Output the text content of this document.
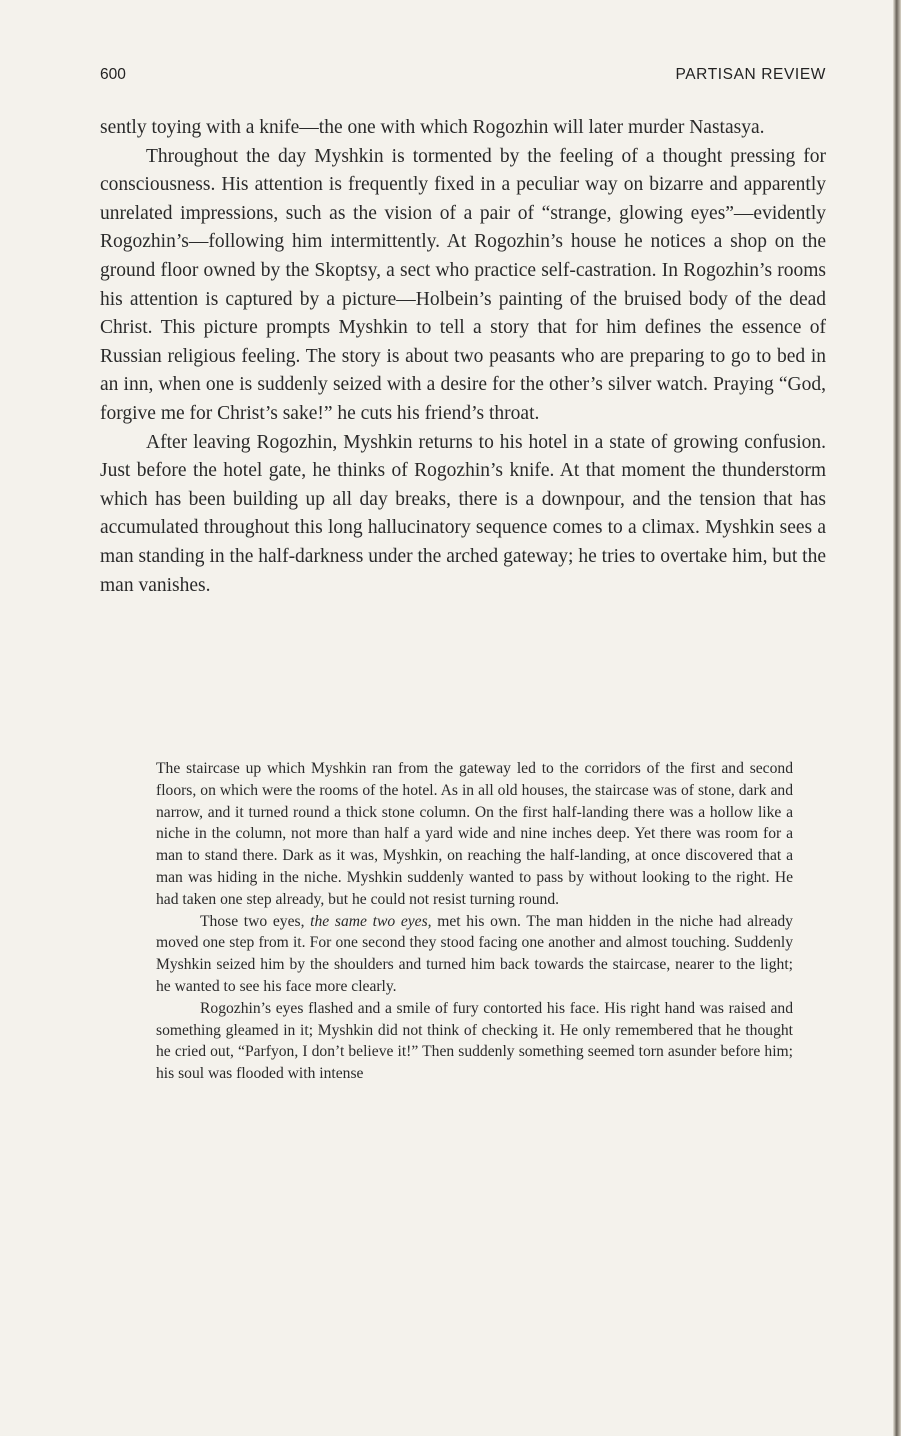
600	PARTISAN REVIEW

sently toying with a knife—the one with which Rogozhin will later murder Nastasya.

Throughout the day Myshkin is tormented by the feeling of a thought pressing for consciousness. His attention is frequently fixed in a peculiar way on bizarre and apparently unrelated impressions, such as the vision of a pair of “strange, glowing eyes”—evidently Rogozhin’s—following him intermittently. At Rogozhin’s house he notices a shop on the ground floor owned by the Skoptsy, a sect who practice self-castration. In Rogozhin’s rooms his attention is captured by a picture—Holbein’s painting of the bruised body of the dead Christ. This picture prompts Myshkin to tell a story that for him defines the essence of Russian religious feeling. The story is about two peasants who are preparing to go to bed in an inn, when one is suddenly seized with a desire for the other’s silver watch. Praying “God, forgive me for Christ’s sake!” he cuts his friend’s throat.

After leaving Rogozhin, Myshkin returns to his hotel in a state of growing confusion. Just before the hotel gate, he thinks of Rogozhin’s knife. At that moment the thunderstorm which has been building up all day breaks, there is a downpour, and the tension that has accumulated throughout this long hallucinatory sequence comes to a climax. Myshkin sees a man standing in the half-darkness under the arched gateway; he tries to overtake him, but the man vanishes.

The staircase up which Myshkin ran from the gateway led to the corridors of the first and second floors, on which were the rooms of the hotel. As in all old houses, the staircase was of stone, dark and narrow, and it turned round a thick stone column. On the first half-landing there was a hollow like a niche in the column, not more than half a yard wide and nine inches deep. Yet there was room for a man to stand there. Dark as it was, Myshkin, on reaching the half-landing, at once discovered that a man was hiding in the niche. Myshkin suddenly wanted to pass by without looking to the right. He had taken one step already, but he could not resist turning round.

Those two eyes, the same two eyes, met his own. The man hidden in the niche had already moved one step from it. For one second they stood facing one another and almost touching. Suddenly Myshkin seized him by the shoulders and turned him back towards the staircase, nearer to the light; he wanted to see his face more clearly.

Rogozhin’s eyes flashed and a smile of fury contorted his face. His right hand was raised and something gleamed in it; Myshkin did not think of checking it. He only remembered that he thought he cried out, “Parfyon, I don’t believe it!” Then suddenly something seemed torn asunder before him; his soul was flooded with intense
